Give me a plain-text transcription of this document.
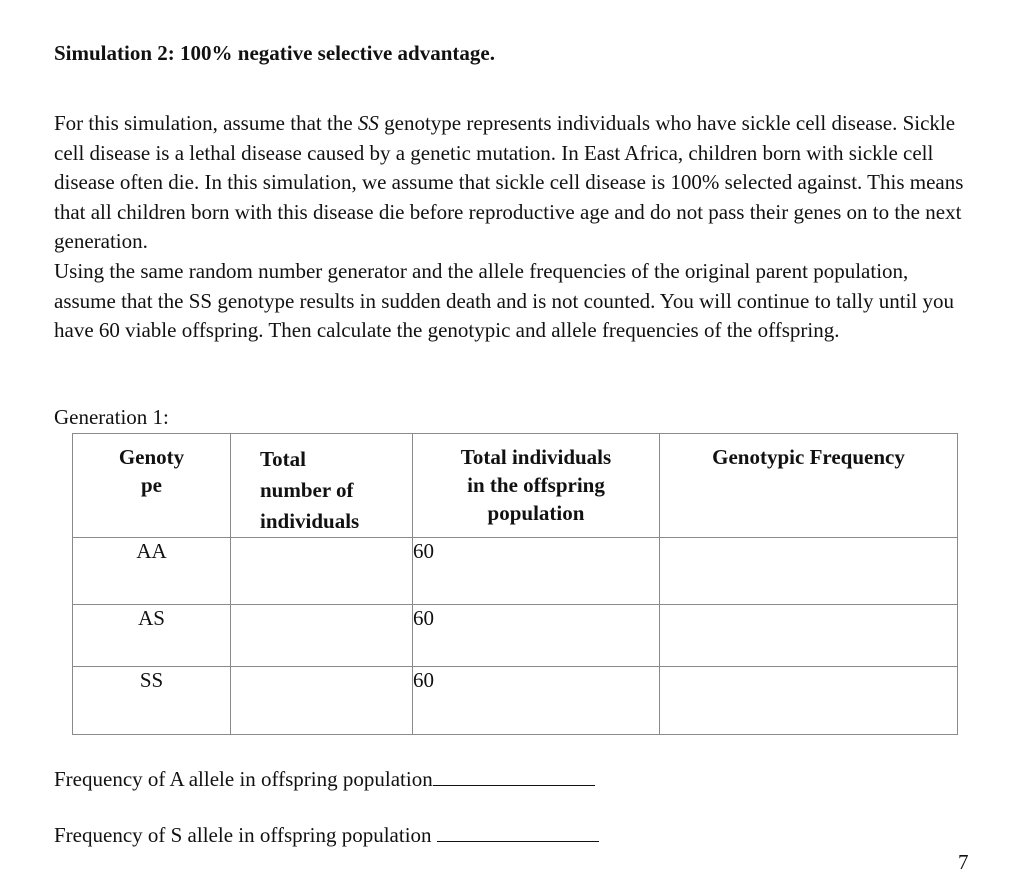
Simulation 2: 100% negative selective advantage.

For this simulation, assume that the SS genotype represents individuals who have sickle cell disease. Sickle cell disease is a lethal disease caused by a genetic mutation. In East Africa, children born with sickle cell disease often die. In this simulation, we assume that sickle cell disease is 100% selected against. This means that all children born with this disease die before reproductive age and do not pass their genes on to the next generation.

Using the same random number generator and the allele frequencies of the original parent population, assume that the SS genotype results in sudden death and is not counted. You will continue to tally until you have 60 viable offspring. Then calculate the genotypic and allele frequencies of the offspring.

Generation 1:
Genoty
pe	Total
number of
individuals	Total individuals
in the offspring
population	Genotypic Frequency
AA		60	
AS		60	
SS		60	
Frequency of A allele in offspring population
Frequency of S allele in offspring population
7
